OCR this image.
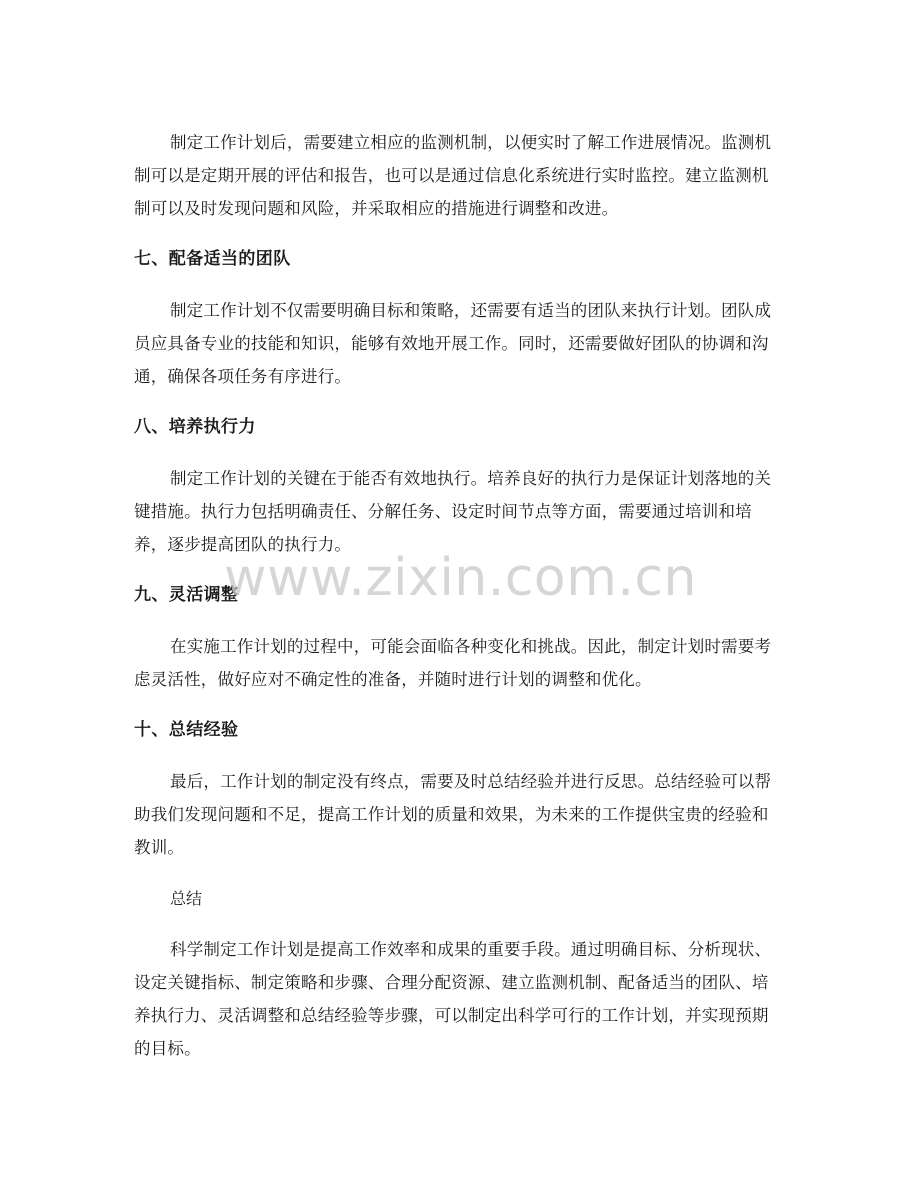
制定工作计划后，需要建立相应的监测机制，以便实时了解工作进展情况。监测机制可以是定期开展的评估和报告，也可以是通过信息化系统进行实时监控。建立监测机制可以及时发现问题和风险，并采取相应的措施进行调整和改进。

七、配备适当的团队

制定工作计划不仅需要明确目标和策略，还需要有适当的团队来执行计划。团队成员应具备专业的技能和知识，能够有效地开展工作。同时，还需要做好团队的协调和沟通，确保各项任务有序进行。

八、培养执行力

制定工作计划的关键在于能否有效地执行。培养良好的执行力是保证计划落地的关键措施。执行力包括明确责任、分解任务、设定时间节点等方面，需要通过培训和培养，逐步提高团队的执行力。

九、灵活调整

在实施工作计划的过程中，可能会面临各种变化和挑战。因此，制定计划时需要考虑灵活性，做好应对不确定性的准备，并随时进行计划的调整和优化。

十、总结经验

最后，工作计划的制定没有终点，需要及时总结经验并进行反思。总结经验可以帮助我们发现问题和不足，提高工作计划的质量和效果，为未来的工作提供宝贵的经验和教训。

总结

科学制定工作计划是提高工作效率和成果的重要手段。通过明确目标、分析现状、设定关键指标、制定策略和步骤、合理分配资源、建立监测机制、配备适当的团队、培养执行力、灵活调整和总结经验等步骤，可以制定出科学可行的工作计划，并实现预期的目标。

www.zixin.com.cn
